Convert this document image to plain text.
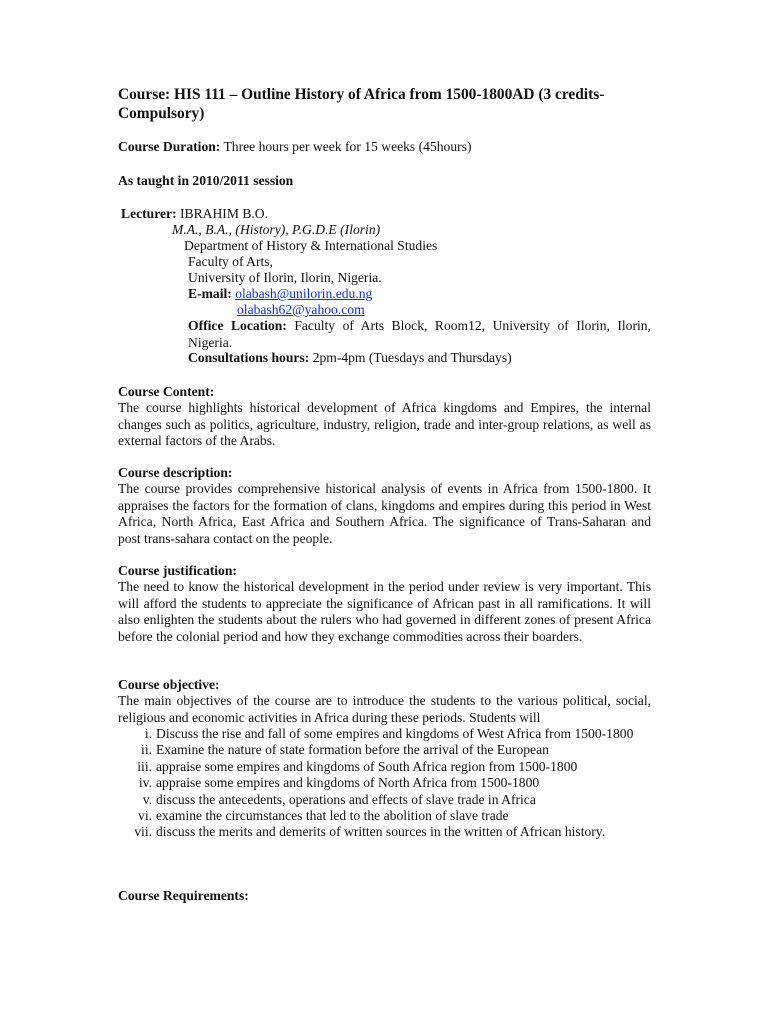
Course: HIS 111 – Outline History of Africa from 1500-1800AD (3 credits-Compulsory)
Course Duration: Three hours per week for 15 weeks (45hours)
As taught in 2010/2011 session
Lecturer: IBRAHIM B.O.
M.A., B.A., (History), P.G.D.E (Ilorin)
Department of History & International Studies
Faculty of Arts,
University of Ilorin, Ilorin, Nigeria.
E-mail: olabash@unilorin.edu.ng
olabash62@yahoo.com
Office Location: Faculty of Arts Block, Room12, University of Ilorin, Ilorin, Nigeria.
Consultations hours: 2pm-4pm (Tuesdays and Thursdays)
Course Content:
The course highlights historical development of Africa kingdoms and Empires, the internal changes such as politics, agriculture, industry, religion, trade and inter-group relations, as well as external factors of the Arabs.
Course description:
The course provides comprehensive historical analysis of events in Africa from 1500-1800. It appraises the factors for the formation of clans, kingdoms and empires during this period in West Africa, North Africa, East Africa and Southern Africa. The significance of Trans-Saharan and post trans-sahara contact on the people.
Course justification:
The need to know the historical development in the period under review is very important. This will afford the students to appreciate the significance of African past in all ramifications. It will also enlighten the students about the rulers who had governed in different zones of present Africa before the colonial period and how they exchange commodities across their boarders.
Course objective:
The main objectives of the course are to introduce the students to the various political, social, religious and economic activities in Africa during these periods. Students will
i. Discuss the rise and fall of some empires and kingdoms of West Africa from 1500-1800
ii. Examine the nature of state formation before the arrival of the European
iii. appraise some empires and kingdoms of South Africa region from 1500-1800
iv. appraise some empires and kingdoms of North Africa from 1500-1800
v. discuss the antecedents, operations and effects of slave trade in Africa
vi. examine the circumstances that led to the abolition of slave trade
vii. discuss the merits and demerits of written sources in the written of African history.
Course Requirements:
